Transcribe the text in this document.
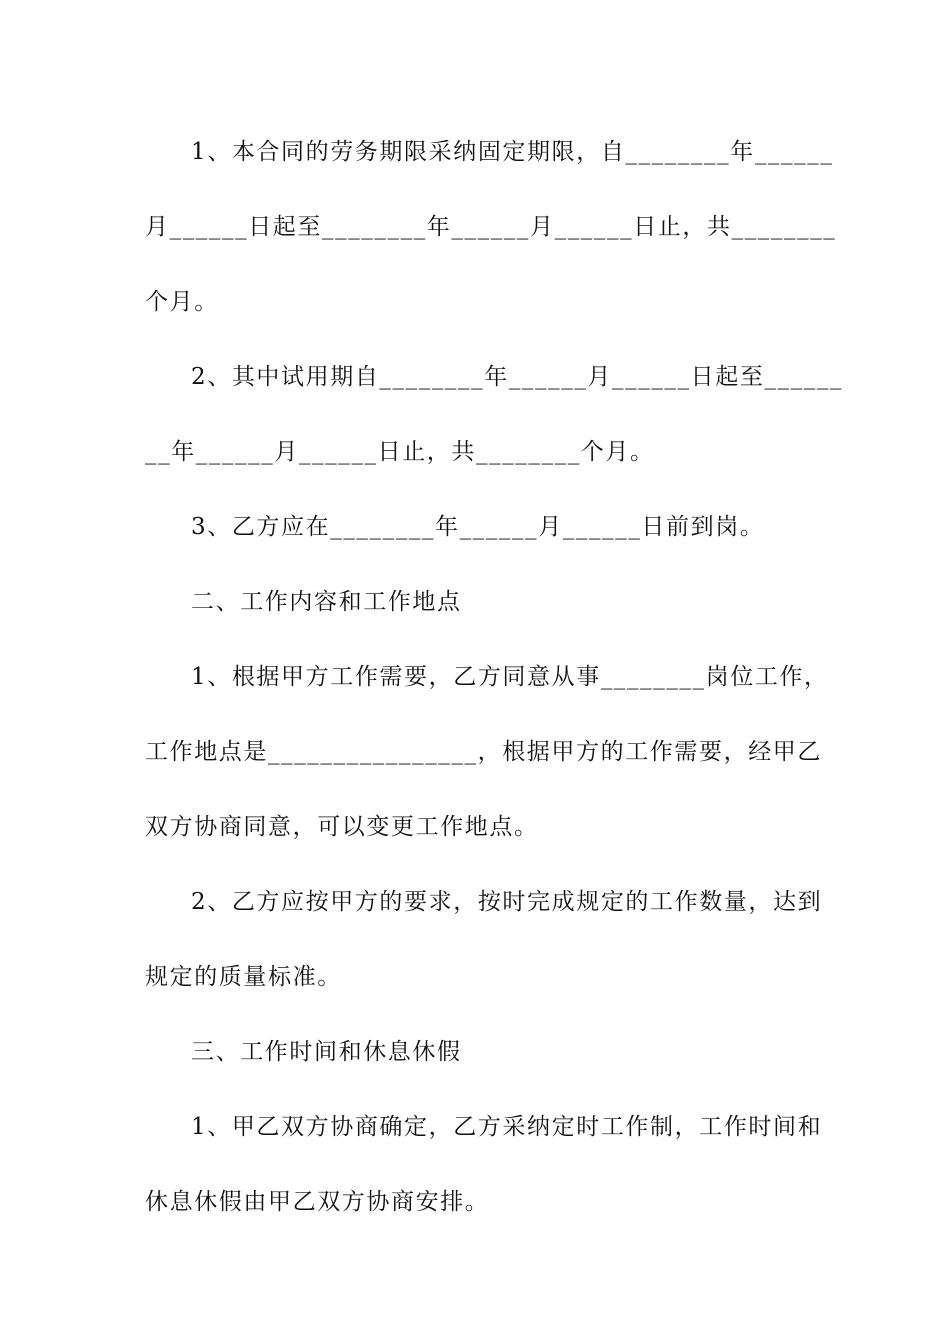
1、本合同的劳务期限采纳固定期限，自________年______
月______日起至________年______月______日止，共________
个月。
2、其中试用期自________年______月______日起至______
__年______月______日止，共________个月。
3、乙方应在________年______月______日前到岗。
二、工作内容和工作地点
1、根据甲方工作需要，乙方同意从事________岗位工作，
工作地点是________________，根据甲方的工作需要，经甲乙
双方协商同意，可以变更工作地点。
2、乙方应按甲方的要求，按时完成规定的工作数量，达到
规定的质量标准。
三、工作时间和休息休假
1、甲乙双方协商确定，乙方采纳定时工作制，工作时间和
休息休假由甲乙双方协商安排。
